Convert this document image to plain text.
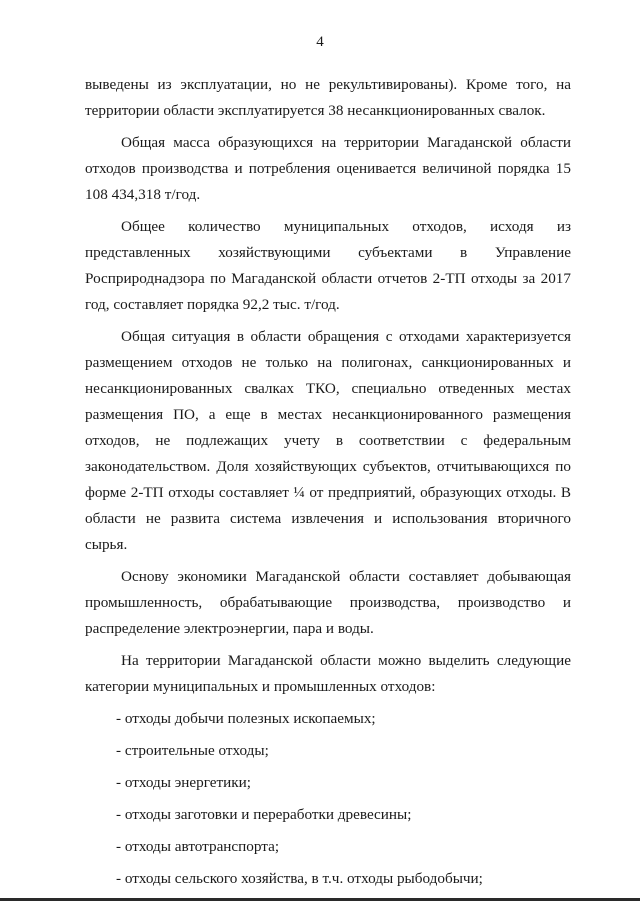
4

выведены из эксплуатации, но не рекультивированы). Кроме того, на территории области эксплуатируется 38 несанкционированных свалок.

Общая масса образующихся на территории Магаданской области отходов производства и потребления оценивается величиной порядка 15 108 434,318 т/год.

Общее количество муниципальных отходов, исходя из представленных хозяйствующими субъектами в Управление Росприроднадзора по Магаданской области отчетов 2-ТП отходы за 2017 год, составляет порядка 92,2 тыс. т/год.

Общая ситуация в области обращения с отходами характеризуется размещением отходов не только на полигонах, санкционированных и несанкционированных свалках ТКО, специально отведенных местах размещения ПО, а еще в местах несанкционированного размещения отходов, не подлежащих учету в соответствии с федеральным законодательством. Доля хозяйствующих субъектов, отчитывающихся по форме 2-ТП отходы составляет ¼ от предприятий, образующих отходы. В области не развита система извлечения и использования вторичного сырья.

Основу экономики Магаданской области составляет добывающая промышленность, обрабатывающие производства, производство и распределение электроэнергии, пара и воды.

На территории Магаданской области можно выделить следующие категории муниципальных и промышленных отходов:

- отходы добычи полезных ископаемых;
- строительные отходы;
- отходы энергетики;
- отходы заготовки и переработки древесины;
- отходы автотранспорта;
- отходы сельского хозяйства, в т.ч. отходы рыбодобычи;
